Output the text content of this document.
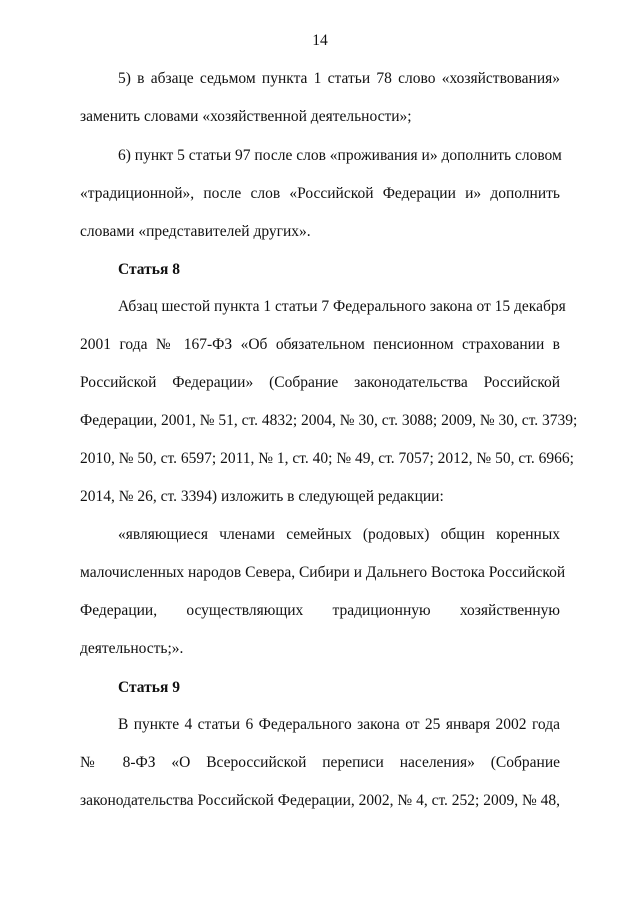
14
5) в абзаце седьмом пункта 1 статьи 78 слово «хозяйствования»
заменить словами «хозяйственной деятельности»;
6) пункт 5 статьи 97 после слов «проживания и» дополнить словом
«традиционной», после слов «Российской Федерации и» дополнить
словами «представителей других».
Статья 8
Абзац шестой пункта 1 статьи 7 Федерального закона от 15 декабря
2001 года № 167-ФЗ «Об обязательном пенсионном страховании в
Российской Федерации» (Собрание законодательства Российской
Федерации, 2001, № 51, ст. 4832; 2004, № 30, ст. 3088; 2009, № 30, ст. 3739;
2010, № 50, ст. 6597; 2011, № 1, ст. 40; № 49, ст. 7057; 2012, № 50, ст. 6966;
2014, № 26, ст. 3394) изложить в следующей редакции:
«являющиеся членами семейных (родовых) общин коренных
малочисленных народов Севера, Сибири и Дальнего Востока Российской
Федерации, осуществляющих традиционную хозяйственную
деятельность;».
Статья 9
В пункте 4 статьи 6 Федерального закона от 25 января 2002 года
№ 8-ФЗ «О Всероссийской переписи населения» (Собрание
законодательства Российской Федерации, 2002, № 4, ст. 252; 2009, № 48,
